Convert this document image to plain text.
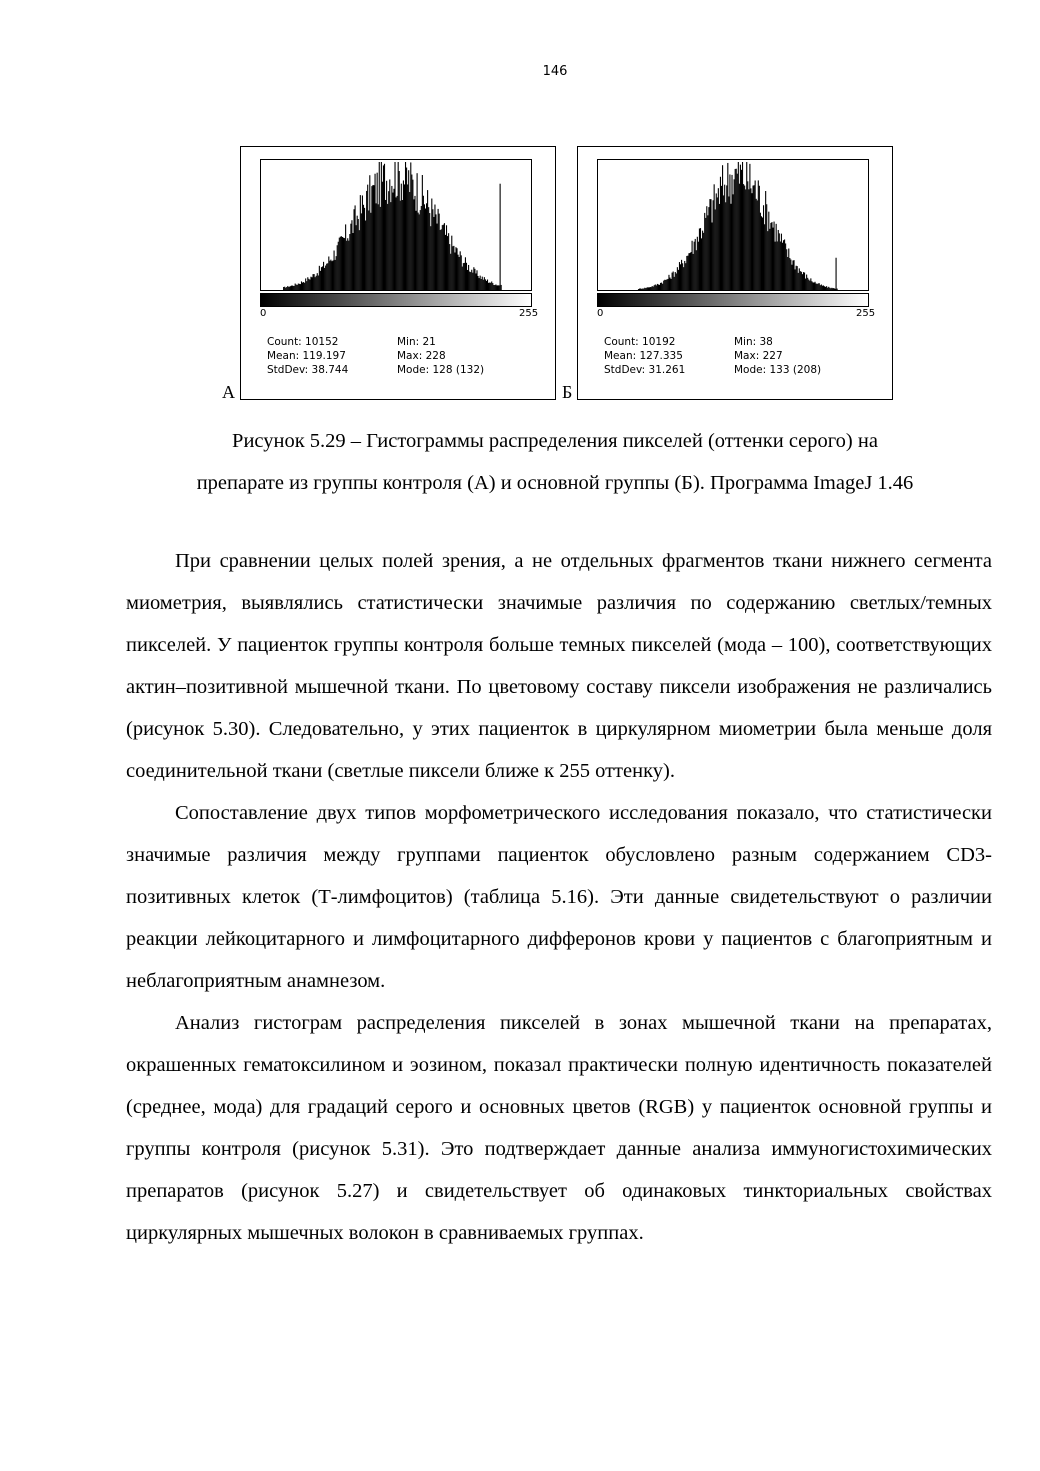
146
А
0	255
Count: 10152
Mean: 119.197
StdDev: 38.744
Min: 21
Max: 228
Mode: 128 (132)
Б
0	255
Count: 10192
Mean: 127.335
StdDev: 31.261
Min: 38
Max: 227
Mode: 133 (208)
Рисунок 5.29 – Гистограммы распределения пикселей (оттенки серого) на
препарате из группы контроля (А) и основной группы (Б). Программа ImageJ 1.46

При сравнении целых полей зрения, а не отдельных фрагментов ткани нижнего сегмента миометрия, выявлялись статистически значимые различия по содержанию светлых/темных пикселей. У пациенток группы контроля больше темных пикселей (мода – 100), соответствующих актин–позитивной мышечной ткани. По цветовому составу пиксели изображения не различались (рисунок 5.30). Следовательно, у этих пациенток в циркулярном миометрии была меньше доля соединительной ткани (светлые пиксели ближе к 255 оттенку).

Сопоставление двух типов морфометрического исследования показало, что статистически значимые различия между группами пациенток обусловлено разным содержанием CD3-позитивных клеток (Т-лимфоцитов) (таблица 5.16). Эти данные свидетельствуют о различии реакции лейкоцитарного и лимфоцитарного дифферонов крови у пациентов с благоприятным и неблагоприятным анамнезом.

Анализ гистограм распределения пикселей в зонах мышечной ткани на препаратах, окрашенных гематоксилином и эозином, показал практически полную идентичность показателей (среднее, мода) для градаций серого и основных цветов (RGB) у пациенток основной группы и группы контроля (рисунок 5.31). Это подтверждает данные анализа иммуногистохимических препаратов (рисунок 5.27) и свидетельствует об одинаковых тинкториальных свойствах циркулярных мышечных волокон в сравниваемых группах.
